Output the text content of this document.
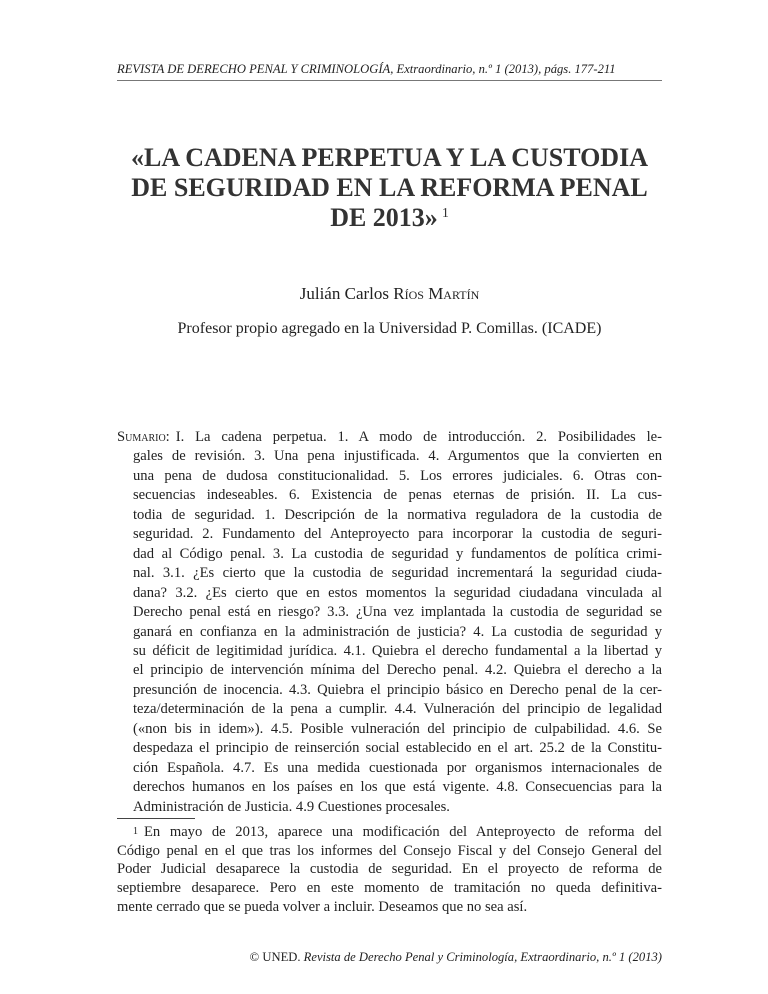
REVISTA DE DERECHO PENAL Y CRIMINOLOGÍA, Extraordinario, n.º 1 (2013), págs. 177-211
«LA CADENA PERPETUA Y LA CUSTODIA
DE SEGURIDAD EN LA REFORMA PENAL
DE 2013» $^1$
Julián Carlos Ríos Martín
Profesor propio agregado en la Universidad P. Comillas. (ICADE)
Sumario: I. La cadena perpetua. 1. A modo de introducción. 2. Posibilidades le-
gales de revisión. 3. Una pena injustificada. 4. Argumentos que la convierten en
una pena de dudosa constitucionalidad. 5. Los errores judiciales. 6. Otras con-
secuencias indeseables. 6. Existencia de penas eternas de prisión. II. La cus-
todia de seguridad. 1. Descripción de la normativa reguladora de la custodia de
seguridad. 2. Fundamento del Anteproyecto para incorporar la custodia de seguri-
dad al Código penal. 3. La custodia de seguridad y fundamentos de política crimi-
nal. 3.1. ¿Es cierto que la custodia de seguridad incrementará la seguridad ciuda-
dana? 3.2. ¿Es cierto que en estos momentos la seguridad ciudadana vinculada al
Derecho penal está en riesgo? 3.3. ¿Una vez implantada la custodia de seguridad se
ganará en confianza en la administración de justicia? 4. La custodia de seguridad y
su déficit de legitimidad jurídica. 4.1. Quiebra el derecho fundamental a la libertad y
el principio de intervención mínima del Derecho penal. 4.2. Quiebra el derecho a la
presunción de inocencia. 4.3. Quiebra el principio básico en Derecho penal de la cer-
teza/determinación de la pena a cumplir. 4.4. Vulneración del principio de legalidad
(«non bis in idem»). 4.5. Posible vulneración del principio de culpabilidad. 4.6. Se
despedaza el principio de reinserción social establecido en el art. 25.2 de la Constitu-
ción Española. 4.7. Es una medida cuestionada por organismos internacionales de
derechos humanos en los países en los que está vigente. 4.8. Consecuencias para la
Administración de Justicia. 4.9 Cuestiones procesales.
$^1$ En mayo de 2013, aparece una modificación del Anteproyecto de reforma del
Código penal en el que tras los informes del Consejo Fiscal y del Consejo General del
Poder Judicial desaparece la custodia de seguridad. En el proyecto de reforma de
septiembre desaparece. Pero en este momento de tramitación no queda definitiva-
mente cerrado que se pueda volver a incluir. Deseamos que no sea así.
© UNED. Revista de Derecho Penal y Criminología, Extraordinario, n.º 1 (2013)
